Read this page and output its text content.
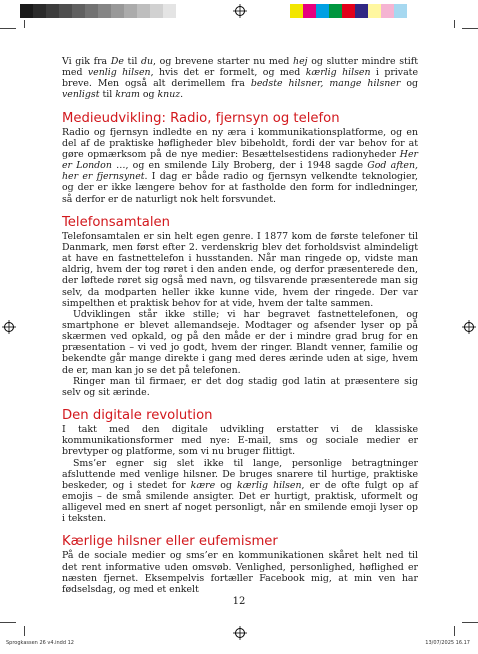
Sprogkassen 26 v4.indd 12	13/07/2025 16.17

Vi gik fra De til du, og brevene starter nu med hej og slutter mindre stift med venlig hilsen, hvis det er formelt, og med kærlig hilsen i private breve. Men også alt derimellem fra bedste hilsner, mange hilsner og venligst til kram og knuz.

Medieudvikling: Radio, fjernsyn og telefon

Radio og fjernsyn indledte en ny æra i kommunikationsplatforme, og en del af de praktiske høfligheder blev bibeholdt, fordi der var behov for at gøre opmærksom på de nye medier: Besættelsestidens radionyheder Her er London …, og en smilende Lily Broberg, der i 1948 sagde God aften, her er fjernsynet. I dag er både radio og fjernsyn velkendte teknologier, og der er ikke længere behov for at fastholde den form for indledninger, så derfor er de naturligt nok helt forsvundet.

Telefonsamtalen

Telefonsamtalen er sin helt egen genre. I 1877 kom de første telefoner til Danmark, men først efter 2. verdenskrig blev det forholdsvist almindeligt at have en fastnettelefon i husstanden. Når man ringede op, vidste man aldrig, hvem der tog røret i den anden ende, og derfor præsenterede den, der løftede røret sig også med navn, og tilsvarende præsenterede man sig selv, da modparten heller ikke kunne vide, hvem der ringede. Der var simpelthen et praktisk behov for at vide, hvem der talte sammen.

Udviklingen står ikke stille; vi har begravet fastnettelefonen, og smartphone er blevet allemandseje. Modtager og afsender lyser op på skærmen ved opkald, og på den måde er der i mindre grad brug for en præsentation – vi ved jo godt, hvem der ringer. Blandt venner, familie og bekendte går mange direkte i gang med deres ærinde uden at sige, hvem de er, man kan jo se det på telefonen.

Ringer man til firmaer, er det dog stadig god latin at præsentere sig selv og sit ærinde.

Den digitale revolution

I takt med den digitale udvikling erstatter vi de klassiske kommunikationsformer med nye: E-mail, sms og sociale medier er brevtyper og platforme, som vi nu bruger flittigt.

Sms’er egner sig slet ikke til lange, personlige betragtninger afsluttende med venlige hilsner. De bruges snarere til hurtige, praktiske beskeder, og i stedet for kære og kærlig hilsen, er de ofte fulgt op af emojis – de små smilende ansigter. Det er hurtigt, praktisk, uformelt og alligevel med en snert af noget personligt, når en smilende emoji lyser op i teksten.

Kærlige hilsner eller eufemismer

På de sociale medier og sms’er en kommunikationen skåret helt ned til det rent informative uden omsvøb. Venlighed, personlighed, høflighed er næsten fjernet. Eksempelvis fortæller Facebook mig, at min ven har fødselsdag, og med et enkelt

12
